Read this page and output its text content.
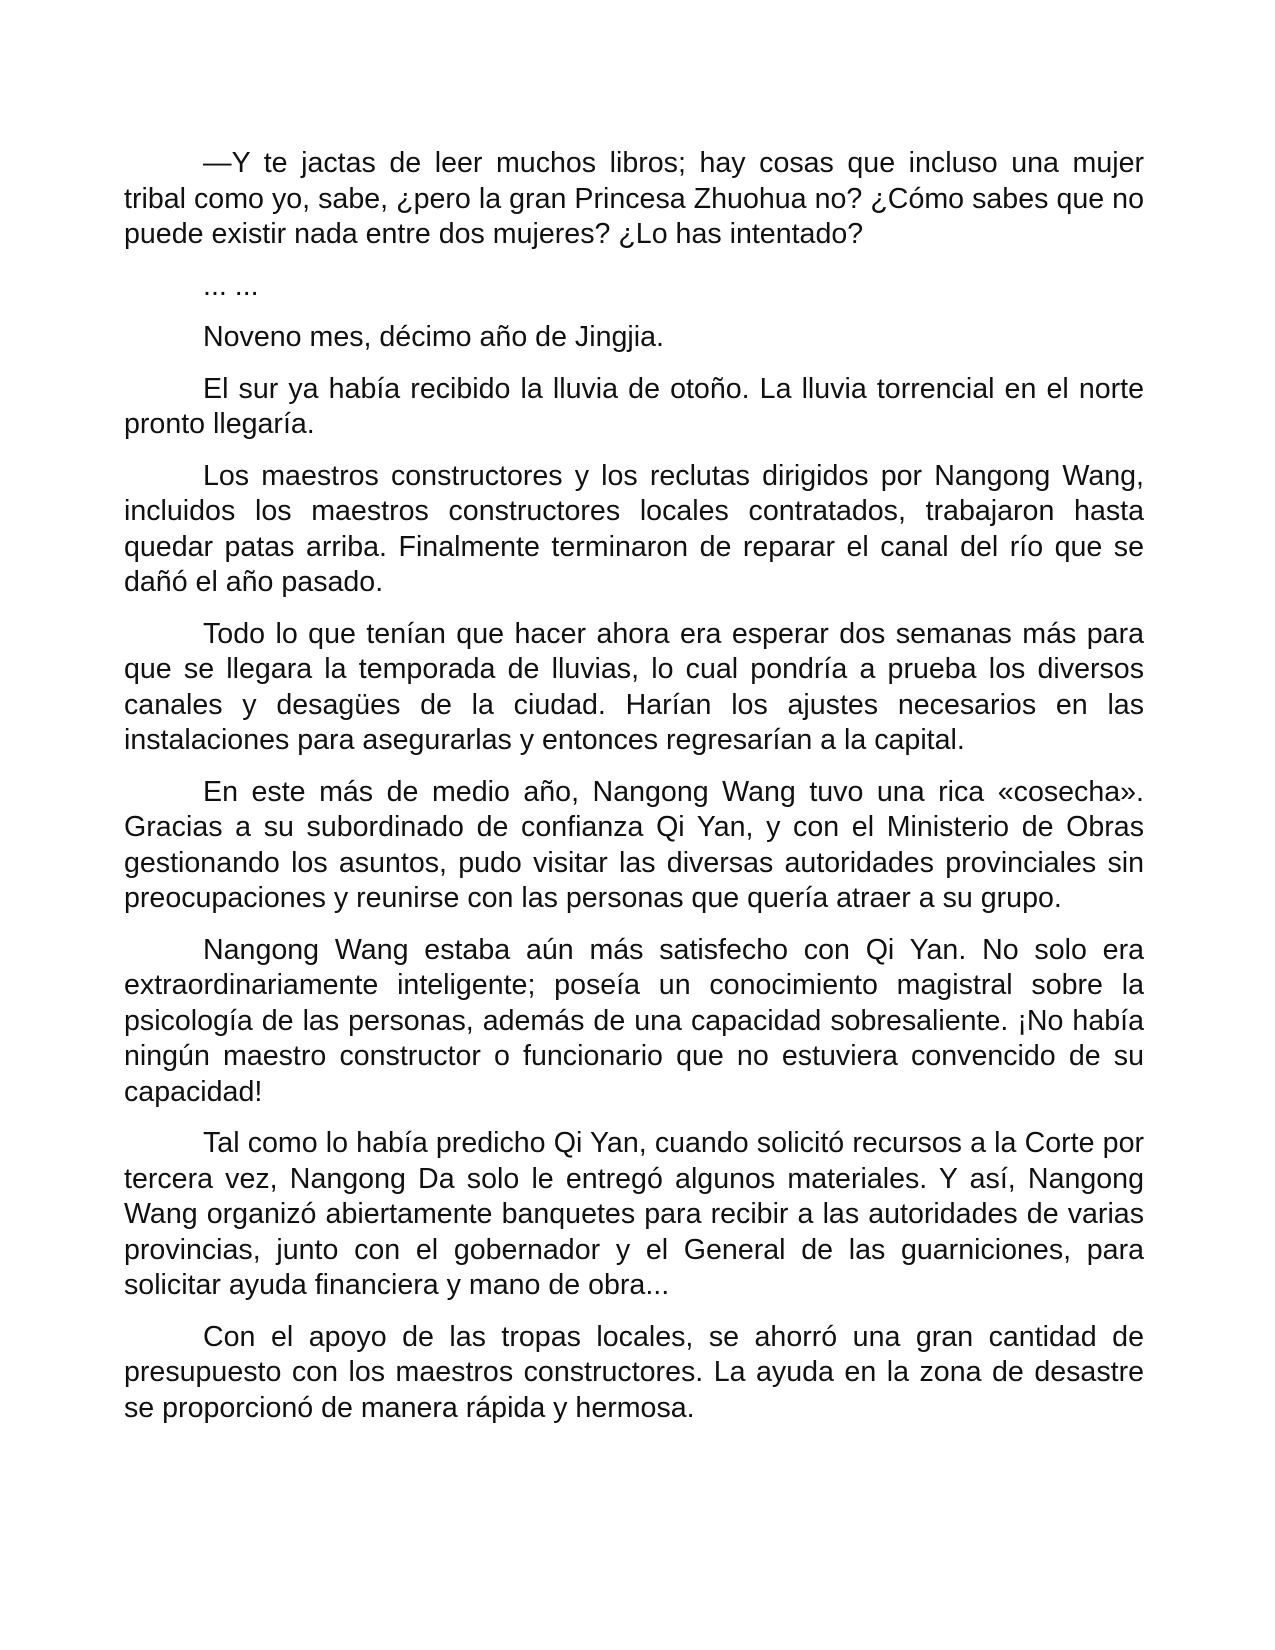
—Y te jactas de leer muchos libros; hay cosas que incluso una mujer tribal como yo, sabe, ¿pero la gran Princesa Zhuohua no? ¿Cómo sabes que no puede existir nada entre dos mujeres? ¿Lo has intentado?

... ...

Noveno mes, décimo año de Jingjia.

El sur ya había recibido la lluvia de otoño. La lluvia torrencial en el norte pronto llegaría.

Los maestros constructores y los reclutas dirigidos por Nangong Wang, incluidos los maestros constructores locales contratados, trabajaron hasta quedar patas arriba. Finalmente terminaron de reparar el canal del río que se dañó el año pasado.

Todo lo que tenían que hacer ahora era esperar dos semanas más para que se llegara la temporada de lluvias, lo cual pondría a prueba los diversos canales y desagües de la ciudad. Harían los ajustes necesarios en las instalaciones para asegurarlas y entonces regresarían a la capital.

En este más de medio año, Nangong Wang tuvo una rica «cosecha». Gracias a su subordinado de confianza Qi Yan, y con el Ministerio de Obras gestionando los asuntos, pudo visitar las diversas autoridades provinciales sin preocupaciones y reunirse con las personas que quería atraer a su grupo.

Nangong Wang estaba aún más satisfecho con Qi Yan. No solo era extraordinariamente inteligente; poseía un conocimiento magistral sobre la psicología de las personas, además de una capacidad sobresaliente. ¡No había ningún maestro constructor o funcionario que no estuviera convencido de su capacidad!

Tal como lo había predicho Qi Yan, cuando solicitó recursos a la Corte por tercera vez, Nangong Da solo le entregó algunos materiales. Y así, Nangong Wang organizó abiertamente banquetes para recibir a las autoridades de varias provincias, junto con el gobernador y el General de las guarniciones, para solicitar ayuda financiera y mano de obra...

Con el apoyo de las tropas locales, se ahorró una gran cantidad de presupuesto con los maestros constructores. La ayuda en la zona de desastre se proporcionó de manera rápida y hermosa.
